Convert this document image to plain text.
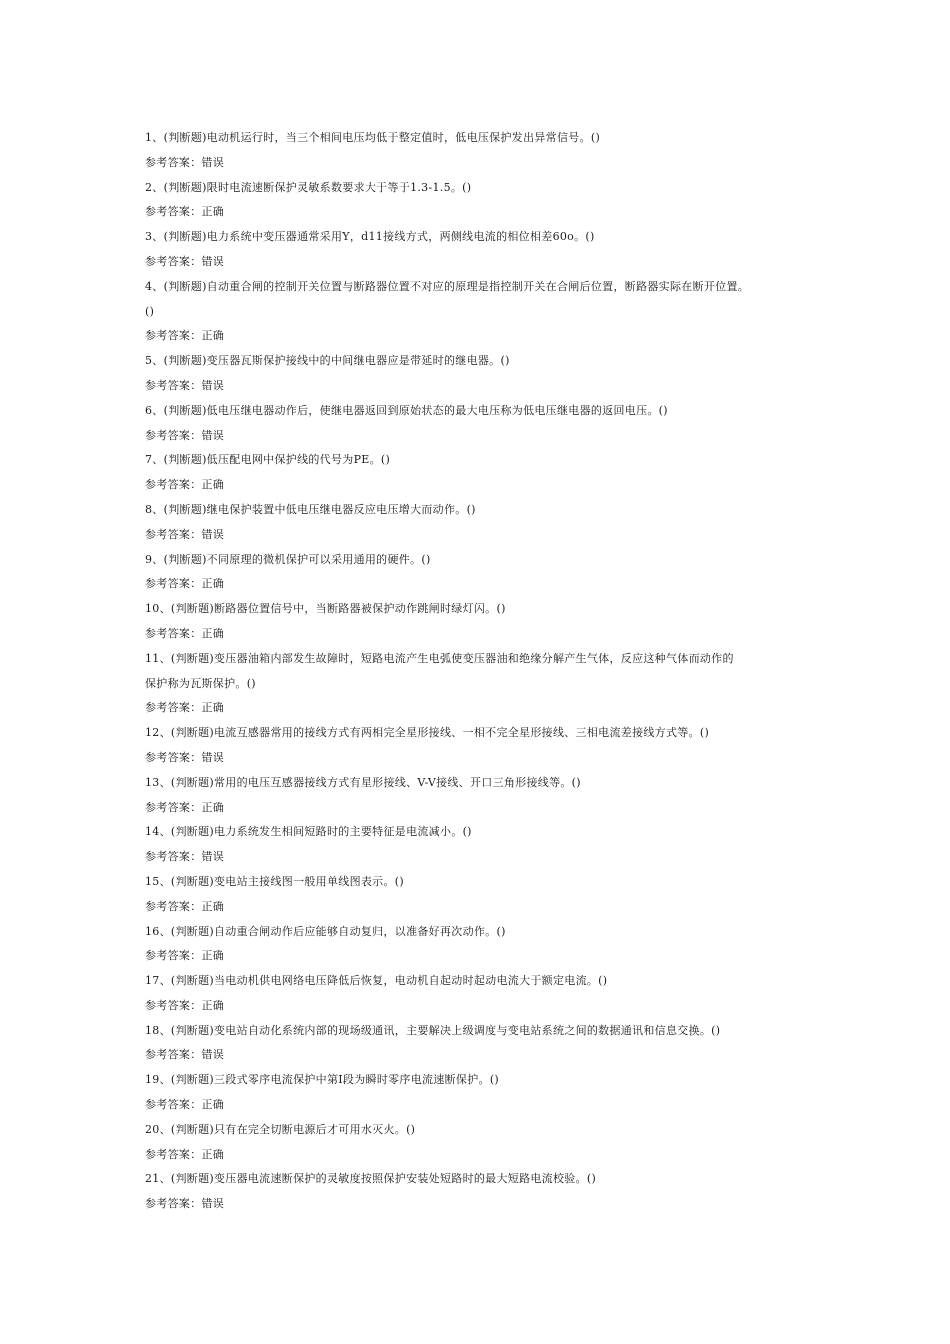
1、(判断题)电动机运行时，当三个相间电压均低于整定值时，低电压保护发出异常信号。()
参考答案：错误
2、(判断题)限时电流速断保护灵敏系数要求大于等于1.3-1.5。()
参考答案：正确
3、(判断题)电力系统中变压器通常采用Y，d11接线方式，两侧线电流的相位相差60o。()
参考答案：错误
4、(判断题)自动重合闸的控制开关位置与断路器位置不对应的原理是指控制开关在合闸后位置，断路器实际在断开位置。
()
参考答案：正确
5、(判断题)变压器瓦斯保护接线中的中间继电器应是带延时的继电器。()
参考答案：错误
6、(判断题)低电压继电器动作后，使继电器返回到原始状态的最大电压称为低电压继电器的返回电压。()
参考答案：错误
7、(判断题)低压配电网中保护线的代号为PE。()
参考答案：正确
8、(判断题)继电保护装置中低电压继电器反应电压增大而动作。()
参考答案：错误
9、(判断题)不同原理的微机保护可以采用通用的硬件。()
参考答案：正确
10、(判断题)断路器位置信号中，当断路器被保护动作跳闸时绿灯闪。()
参考答案：正确
11、(判断题)变压器油箱内部发生故障时，短路电流产生电弧使变压器油和绝缘分解产生气体，反应这种气体而动作的
保护称为瓦斯保护。()
参考答案：正确
12、(判断题)电流互感器常用的接线方式有两相完全星形接线、一相不完全星形接线、三相电流差接线方式等。()
参考答案：错误
13、(判断题)常用的电压互感器接线方式有星形接线、V-V接线、开口三角形接线等。()
参考答案：正确
14、(判断题)电力系统发生相间短路时的主要特征是电流减小。()
参考答案：错误
15、(判断题)变电站主接线图一般用单线图表示。()
参考答案：正确
16、(判断题)自动重合闸动作后应能够自动复归，以准备好再次动作。()
参考答案：正确
17、(判断题)当电动机供电网络电压降低后恢复，电动机自起动时起动电流大于额定电流。()
参考答案：正确
18、(判断题)变电站自动化系统内部的现场级通讯，主要解决上级调度与变电站系统之间的数据通讯和信息交换。()
参考答案：错误
19、(判断题)三段式零序电流保护中第I段为瞬时零序电流速断保护。()
参考答案：正确
20、(判断题)只有在完全切断电源后才可用水灭火。()
参考答案：正确
21、(判断题)变压器电流速断保护的灵敏度按照保护安装处短路时的最大短路电流校验。()
参考答案：错误
